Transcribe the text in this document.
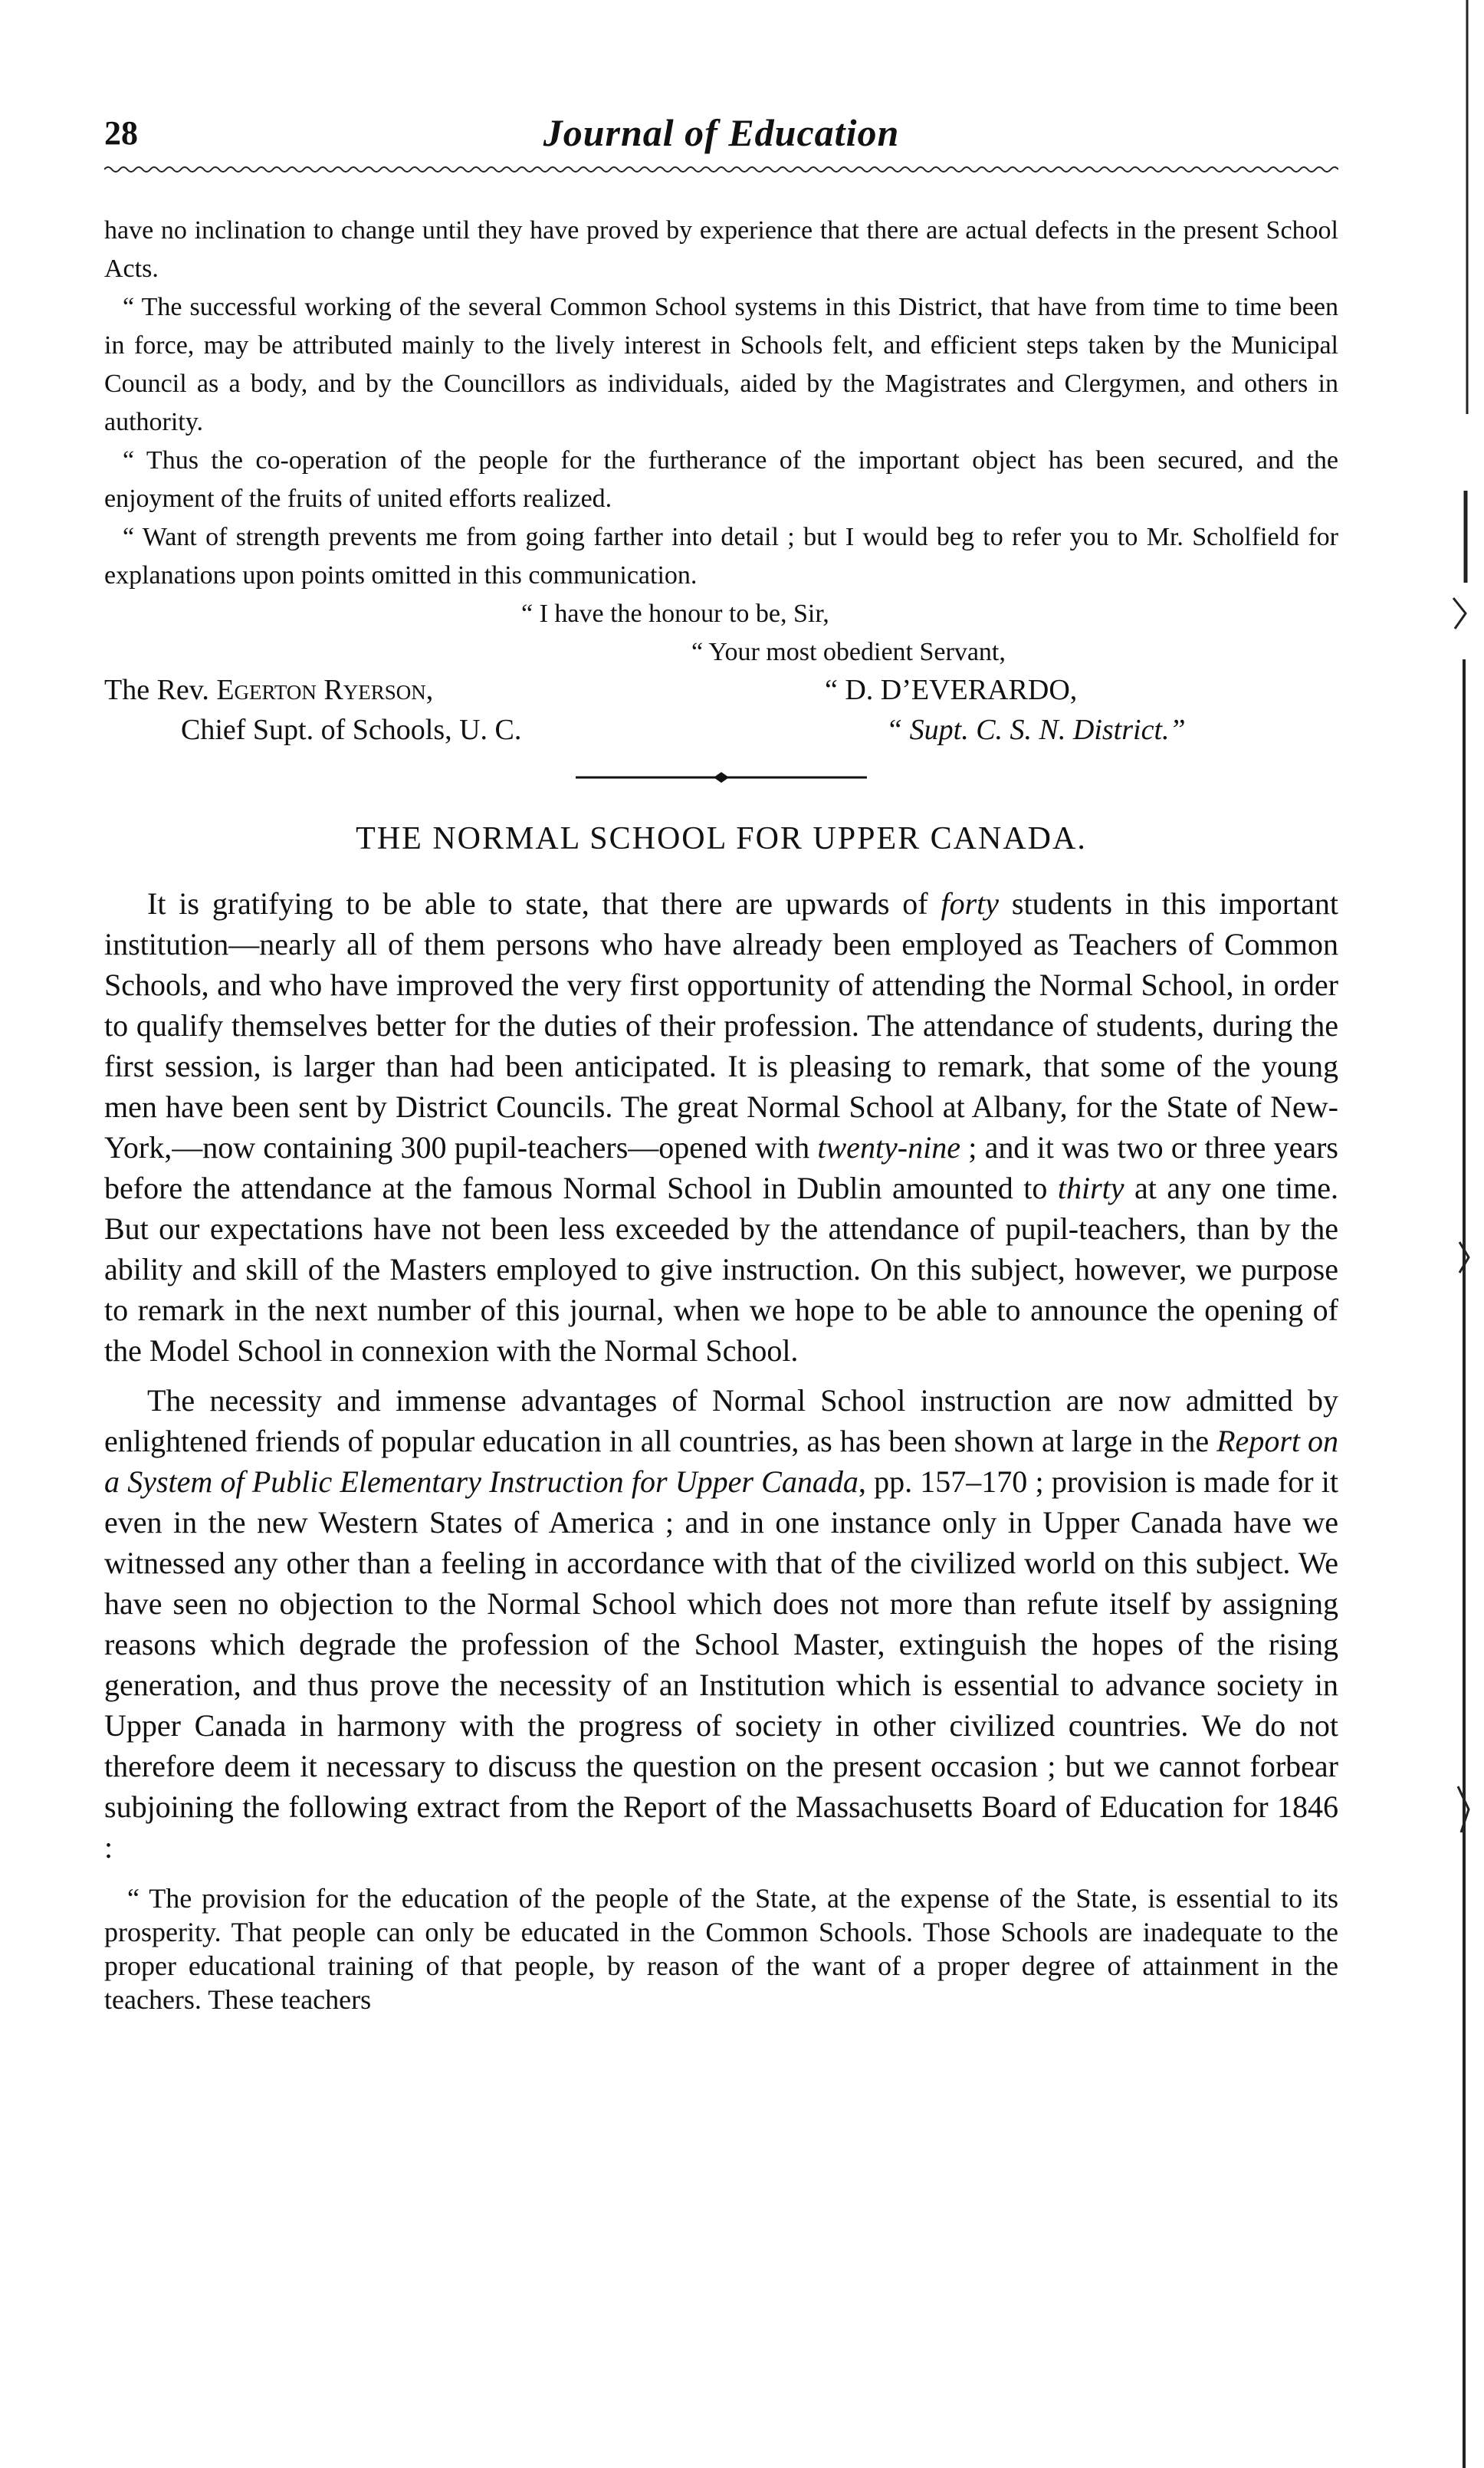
28	Journal of Education

have no inclination to change until they have proved by experience that there are actual defects in the present School Acts.

“ The successful working of the several Common School systems in this District, that have from time to time been in force, may be attributed mainly to the lively interest in Schools felt, and efficient steps taken by the Municipal Council as a body, and by the Councillors as individuals, aided by the Magistrates and Clergymen, and others in authority.

“ Thus the co-operation of the people for the furtherance of the important object has been secured, and the enjoyment of the fruits of united efforts realized.

“ Want of strength prevents me from going farther into detail ; but I would beg to refer you to Mr. Scholfield for explanations upon points omitted in this communication.

“ I have the honour to be, Sir,
“ Your most obedient Servant,
The Rev. Egerton Ryerson,
Chief Supt. of Schools, U. C.
“ D. D’EVERARDO,
“ Supt. C. S. N. District.”
THE NORMAL SCHOOL FOR UPPER CANADA.

It is gratifying to be able to state, that there are upwards of forty students in this important institution—nearly all of them persons who have already been employed as Teachers of Common Schools, and who have improved the very first opportunity of attending the Normal School, in order to qualify themselves better for the duties of their profession. The attendance of students, during the first session, is larger than had been anticipated. It is pleasing to remark, that some of the young men have been sent by District Councils. The great Normal School at Albany, for the State of New-York,—now containing 300 pupil-teachers—opened with twenty-nine ; and it was two or three years before the attendance at the famous Normal School in Dublin amounted to thirty at any one time. But our expectations have not been less exceeded by the attendance of pupil-teachers, than by the ability and skill of the Masters employed to give instruction. On this subject, however, we purpose to remark in the next number of this journal, when we hope to be able to announce the opening of the Model School in connexion with the Normal School.

The necessity and immense advantages of Normal School instruction are now admitted by enlightened friends of popular education in all countries, as has been shown at large in the Report on a System of Public Elementary Instruction for Upper Canada, pp. 157–170 ; provision is made for it even in the new Western States of America ; and in one instance only in Upper Canada have we witnessed any other than a feeling in accordance with that of the civilized world on this subject. We have seen no objection to the Normal School which does not more than refute itself by assigning reasons which degrade the profession of the School Master, extinguish the hopes of the rising generation, and thus prove the necessity of an Institution which is essential to advance society in Upper Canada in harmony with the progress of society in other civilized countries. We do not therefore deem it necessary to discuss the question on the present occasion ; but we cannot forbear subjoining the following extract from the Report of the Massachusetts Board of Education for 1846 :

“ The provision for the education of the people of the State, at the expense of the State, is essential to its prosperity. That people can only be educated in the Common Schools. Those Schools are inadequate to the proper educational training of that people, by reason of the want of a proper degree of attainment in the teachers. These teachers
